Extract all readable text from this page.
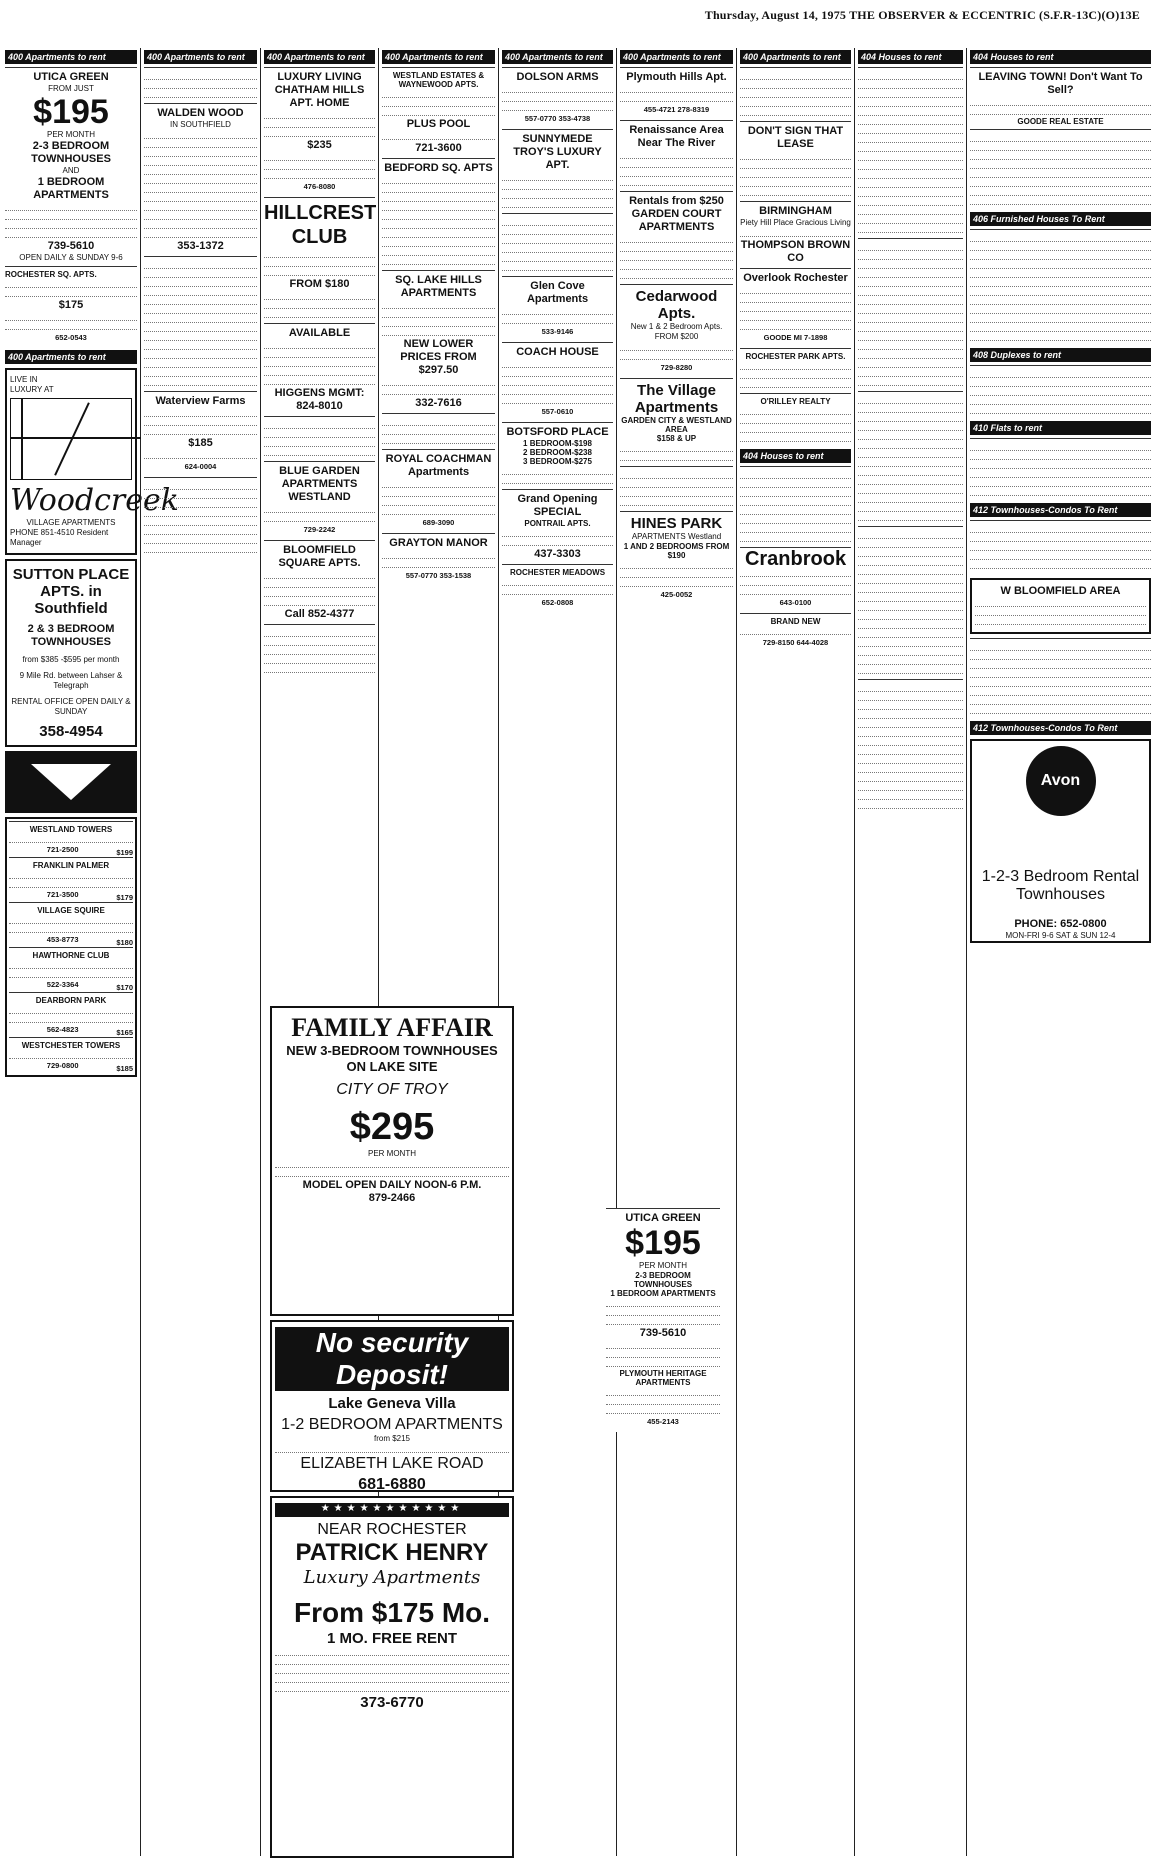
Thursday, August 14, 1975 THE OBSERVER & ECCENTRIC (S.F.R-13C)(O)13E
400 Apartments to rent
UTICA GREEN
FROM JUST
$195
PER MONTH
2-3 BEDROOM TOWNHOUSES
AND
1 BEDROOM APARTMENTS
739-5610
OPEN DAILY & SUNDAY 9-6
ROCHESTER SQ. APTS.
$175
652-0543
400 Apartments to rent
LIVE IN LUXURY AT
Woodcreek
VILLAGE APARTMENTS
PHONE 851-4510 Resident Manager
SUTTON PLACE APTS. in Southfield
2 & 3 BEDROOM TOWNHOUSES
from $385 -$595 per month
9 Mile Rd. between Lahser & Telegraph
RENTAL OFFICE OPEN DAILY & SUNDAY
358-4954
WESTLAND TOWERS
721-2500	$199
FRANKLIN PALMER
721-3500	$179
VILLAGE SQUIRE
453-8773	$180
HAWTHORNE CLUB
522-3364	$170
DEARBORN PARK
562-4823	$165
WESTCHESTER TOWERS
729-0800	$185
400 Apartments to rent
WALDEN WOOD
IN SOUTHFIELD
353-1372
Waterview Farms
$185
624-0004
400 Apartments to rent
LUXURY LIVING CHATHAM HILLS APT. HOME
$235
476-8080
HILLCREST CLUB
FROM $180
AVAILABLE
HIGGENS MGMT:
824-8010
BLUE GARDEN APARTMENTS WESTLAND
729-2242
BLOOMFIELD SQUARE APTS.
Call 852-4377
400 Apartments to rent
WESTLAND ESTATES & WAYNEWOOD APTS.
PLUS POOL
721-3600
BEDFORD SQ. APTS
SQ. LAKE HILLS APARTMENTS
NEW LOWER PRICES FROM $297.50
332-7616
ROYAL COACHMAN Apartments
689-3090
GRAYTON MANOR
557-0770 353-1538
400 Apartments to rent
DOLSON ARMS
557-0770 353-4738
SUNNYMEDE TROY'S LUXURY APT.
Glen Cove Apartments
533-9146
COACH HOUSE
557-0610
BOTSFORD PLACE
1 BEDROOM-$198
2 BEDROOM-$238
3 BEDROOM-$275
Grand Opening SPECIAL
PONTRAIL APTS.
437-3303
ROCHESTER MEADOWS
652-0808
400 Apartments to rent
Plymouth Hills Apt.
455-4721 278-8319
Renaissance Area Near The River
Rentals from $250 GARDEN COURT APARTMENTS
Cedarwood Apts.
New 1 & 2 Bedroom Apts. FROM $200
729-8280
The Village Apartments
GARDEN CITY & WESTLAND AREA
$158 & UP
HINES PARK
APARTMENTS Westland
1 AND 2 BEDROOMS FROM $190
425-0052
400 Apartments to rent
DON'T SIGN THAT LEASE
BIRMINGHAM
Piety Hill Place Gracious Living
THOMPSON BROWN CO
Overlook Rochester
GOODE MI 7-1898
ROCHESTER PARK APTS.
O'RILLEY REALTY
404 Houses to rent
Cranbrook
643-0100
BRAND NEW
729-8150 644-4028
404 Houses to rent	404 Houses to rent
LEAVING TOWN! Don't Want To Sell?
GOODE REAL ESTATE
406 Furnished Houses To Rent
408 Duplexes to rent
410 Flats to rent
412 Townhouses-Condos To Rent
W BLOOMFIELD AREA
412 Townhouses-Condos To Rent
Avon Hills
1-2-3 Bedroom Rental Townhouses
PHONE: 652-0800
MON-FRI 9-6 SAT & SUN 12-4
FAMILY AFFAIR
NEW 3-BEDROOM TOWNHOUSES ON LAKE SITE
CITY OF TROY
$295
PER MONTH
MODEL OPEN DAILY NOON-6 P.M.
879-2466
No security Deposit!
Lake Geneva Villa
1-2 BEDROOM APARTMENTS
from $215
ELIZABETH LAKE ROAD
681-6880
★★★★★★★★★★★
NEAR ROCHESTER
PATRICK HENRY
Luxury Apartments
From $175 Mo.
1 MO. FREE RENT
373-6770
UTICA GREEN
$195
PER MONTH
2-3 BEDROOM TOWNHOUSES
1 BEDROOM APARTMENTS
739-5610
PLYMOUTH HERITAGE APARTMENTS
455-2143
